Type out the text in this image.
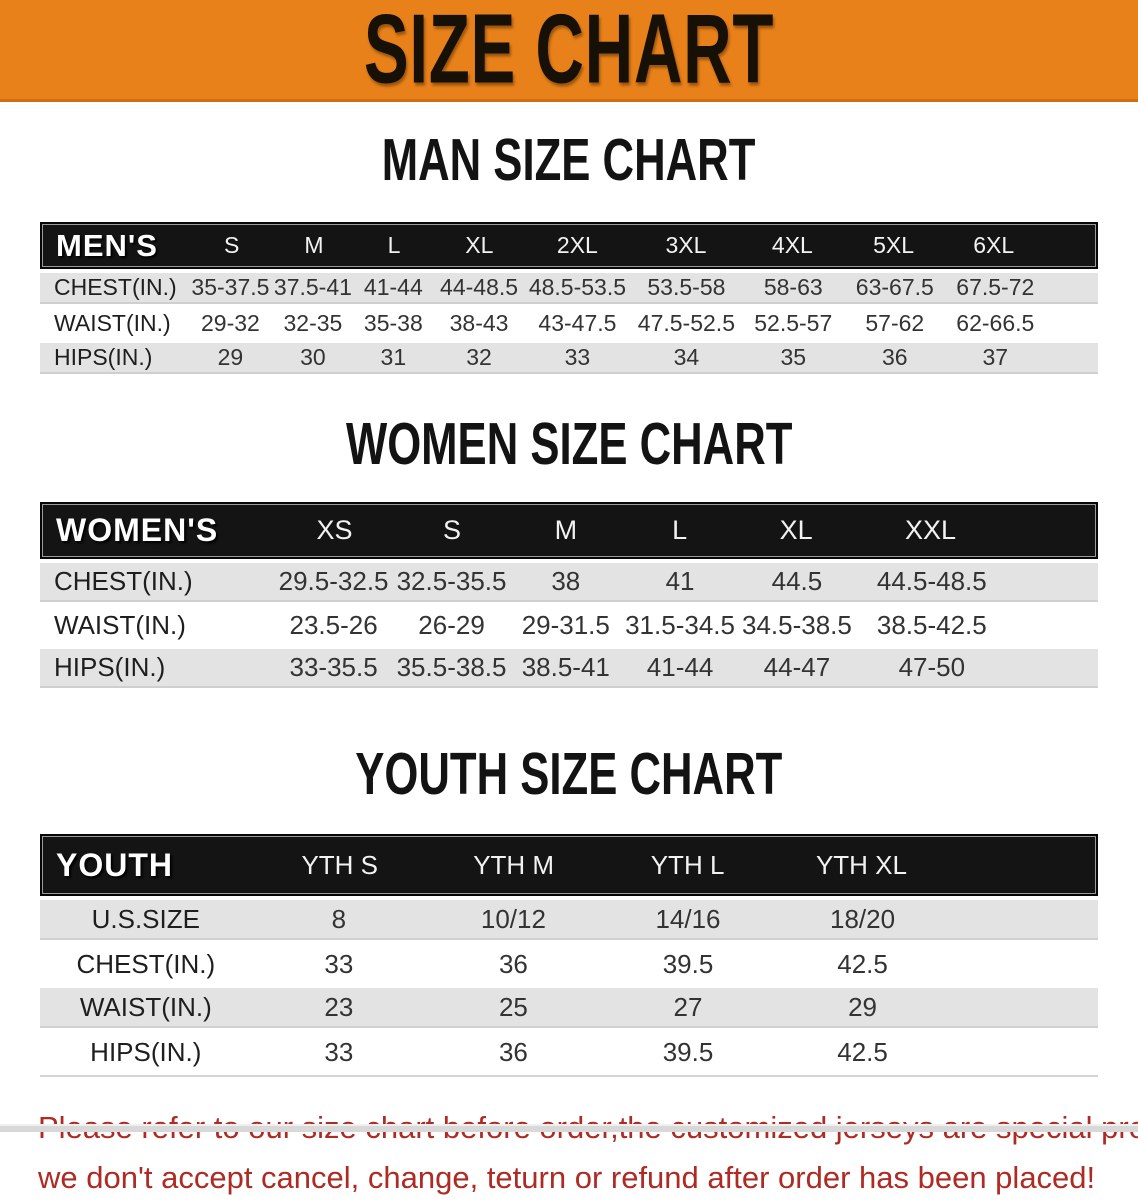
SIZE CHART
MAN SIZE CHART
MEN'S	S	M	L	XL	2XL	3XL	4XL	5XL	6XL
CHEST(IN.) 35-37.5 37.5-41 41-44 44-48.5 48.5-53.5 53.5-58	58-63	63-67.5 67.5-72
WAIST(IN.)	29-32	32-35 35-38	38-43	43-47.5 47.5-52.5 52.5-57	57-62	62-66.5
HIPS(IN.)	29	30	31	32	33	34	35	36	37
WOMEN SIZE CHART
WOMEN'S	XS	S	M	L	XL	XXL
CHEST(IN.)	29.5-32.5 32.5-35.5	38	41	44.5	44.5-48.5
WAIST(IN.)	23.5-26	26-29	29-31.5 31.5-34.5 34.5-38.5 38.5-42.5
HIPS(IN.)	33-35.5 35.5-38.5 38.5-41	41-44	44-47	47-50
YOUTH SIZE CHART
YOUTH	YTH S	YTH M	YTH L	YTH XL
U.S.SIZE	8	10/12	14/16	18/20
CHEST(IN.)	33	36	39.5	42.5
WAIST(IN.)	23	25	27	29
HIPS(IN.)	33	36	39.5	42.5
we don't accept cancel, change, teturn or refund after order has been placed!
